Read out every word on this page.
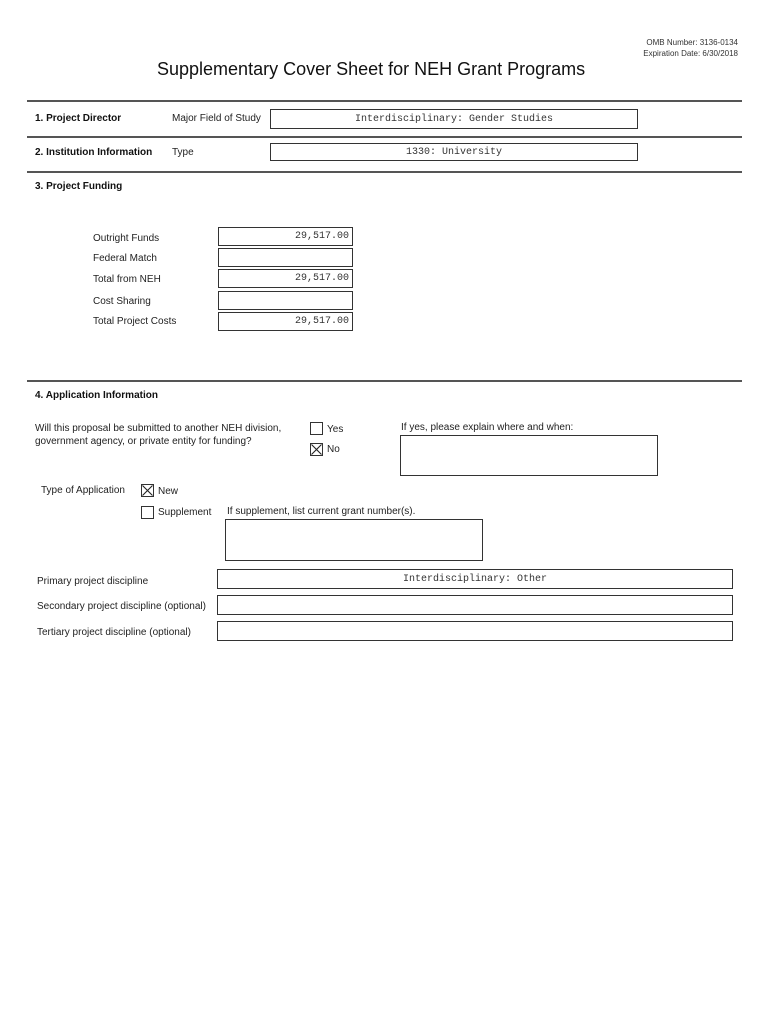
OMB Number: 3136-0134
Expiration Date: 6/30/2018
Supplementary Cover Sheet for NEH Grant Programs
1. Project Director	Major Field of Study	Interdisciplinary: Gender Studies
2. Institution Information Type	1330: University
3. Project Funding
Outright Funds	29,517.00
Federal Match
Total from NEH	29,517.00
Cost Sharing
Total Project Costs	29,517.00
4. Application Information
Will this proposal be submitted to another NEH division,
government agency, or private entity for funding?
Yes
No
If yes, please explain where and when:
Type of Application	New
Supplement If supplement, list current grant number(s).
Primary project discipline	Interdisciplinary: Other
Secondary project discipline (optional)
Tertiary project discipline (optional)
